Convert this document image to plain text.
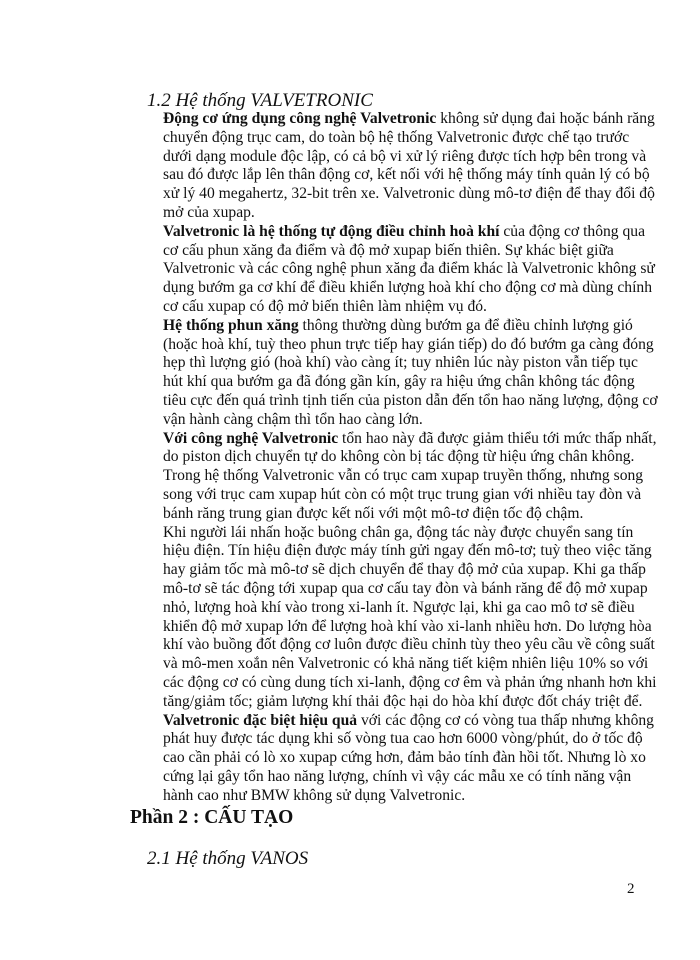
1.2 Hệ thống VALVETRONIC
Động cơ ứng dụng công nghệ Valvetronic không sử dụng đai hoặc bánh răng
chuyển động trục cam, do toàn bộ hệ thống Valvetronic được chế tạo trước
dưới dạng module độc lập, có cả bộ vi xử lý riêng được tích hợp bên trong và
sau đó được lắp lên thân động cơ, kết nối với hệ thống máy tính quản lý có bộ
xử lý 40 megahertz, 32-bit trên xe. Valvetronic dùng mô-tơ điện để thay đổi độ
mở của xupap.
Valvetronic là hệ thống tự động điều chỉnh hoà khí của động cơ thông qua
cơ cấu phun xăng đa điểm và độ mở xupap biến thiên. Sự khác biệt giữa
Valvetronic và các công nghệ phun xăng đa điểm khác là Valvetronic không sử
dụng bướm ga cơ khí để điều khiển lượng hoà khí cho động cơ mà dùng chính
cơ cấu xupap có độ mở biến thiên làm nhiệm vụ đó.
Hệ thống phun xăng thông thường dùng bướm ga để điều chỉnh lượng gió
(hoặc hoà khí, tuỳ theo phun trực tiếp hay gián tiếp) do đó bướm ga càng đóng
hẹp thì lượng gió (hoà khí) vào càng ít; tuy nhiên lúc này piston vẫn tiếp tục
hút khí qua bướm ga đã đóng gần kín, gây ra hiệu ứng chân không tác động
tiêu cực đến quá trình tịnh tiến của piston dẫn đến tổn hao năng lượng, động cơ
vận hành càng chậm thì tổn hao càng lớn.
Với công nghệ Valvetronic tổn hao này đã được giảm thiểu tới mức thấp nhất,
do piston dịch chuyển tự do không còn bị tác động từ hiệu ứng chân không.
Trong hệ thống Valvetronic vẫn có trục cam xupap truyền thống, nhưng song
song với trục cam xupap hút còn có một trục trung gian với nhiều tay đòn và
bánh răng trung gian được kết nối với một mô-tơ điện tốc độ chậm.
Khi người lái nhấn hoặc buông chân ga, động tác này được chuyển sang tín
hiệu điện. Tín hiệu điện được máy tính gửi ngay đến mô-tơ; tuỳ theo việc tăng
hay giảm tốc mà mô-tơ sẽ dịch chuyển để thay độ mở của xupap. Khi ga thấp
mô-tơ sẽ tác động tới xupap qua cơ cấu tay đòn và bánh răng để độ mở xupap
nhỏ, lượng hoà khí vào trong xi-lanh ít. Ngược lại, khi ga cao mô tơ sẽ điều
khiển độ mở xupap lớn để lượng hoà khí vào xi-lanh nhiều hơn. Do lượng hòa
khí vào buồng đốt động cơ luôn được điều chỉnh tùy theo yêu cầu về công suất
và mô-men xoắn nên Valvetronic có khả năng tiết kiệm nhiên liệu 10% so với
các động cơ có cùng dung tích xi-lanh, động cơ êm và phản ứng nhanh hơn khi
tăng/giảm tốc; giảm lượng khí thải độc hại do hòa khí được đốt cháy triệt để.
Valvetronic đặc biệt hiệu quả với các động cơ có vòng tua thấp nhưng không
phát huy được tác dụng khi số vòng tua cao hơn 6000 vòng/phút, do ở tốc độ
cao cần phải có lò xo xupap cứng hơn, đảm bảo tính đàn hồi tốt. Nhưng lò xo
cứng lại gây tổn hao năng lượng, chính vì vậy các mẫu xe có tính năng vận
hành cao như BMW không sử dụng Valvetronic.
Phần 2 : CẤU TẠO
2.1 Hệ thống VANOS
2
